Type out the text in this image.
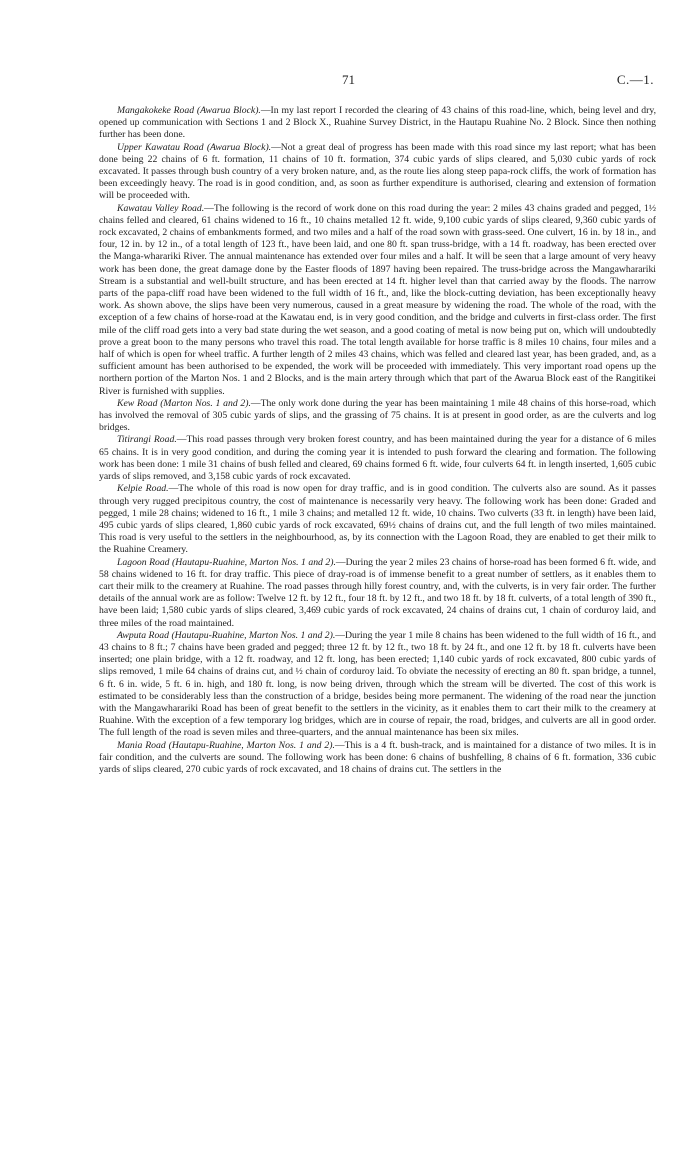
71	C.—1.

Mangakokeke Road (Awarua Block).—In my last report I recorded the clearing of 43 chains of this road-line, which, being level and dry, opened up communication with Sections 1 and 2 Block X., Ruahine Survey District, in the Hautapu Ruahine No. 2 Block. Since then nothing further has been done.

Upper Kawatau Road (Awarua Block).—Not a great deal of progress has been made with this road since my last report; what has been done being 22 chains of 6 ft. formation, 11 chains of 10 ft. formation, 374 cubic yards of slips cleared, and 5,030 cubic yards of rock excavated. It passes through bush country of a very broken nature, and, as the route lies along steep papa-rock cliffs, the work of formation has been exceedingly heavy. The road is in good condition, and, as soon as further expenditure is authorised, clearing and extension of formation will be proceeded with.

Kawatau Valley Road.—The following is the record of work done on this road during the year: 2 miles 43 chains graded and pegged, 1½ chains felled and cleared, 61 chains widened to 16 ft., 10 chains metalled 12 ft. wide, 9,100 cubic yards of slips cleared, 9,360 cubic yards of rock excavated, 2 chains of embankments formed, and two miles and a half of the road sown with grass-seed. One culvert, 16 in. by 18 in., and four, 12 in. by 12 in., of a total length of 123 ft., have been laid, and one 80 ft. span truss-bridge, with a 14 ft. roadway, has been erected over the Manga-wharariki River. The annual maintenance has extended over four miles and a half. It will be seen that a large amount of very heavy work has been done, the great damage done by the Easter floods of 1897 having been repaired. The truss-bridge across the Mangawharariki Stream is a substantial and well-built structure, and has been erected at 14 ft. higher level than that carried away by the floods. The narrow parts of the papa-cliff road have been widened to the full width of 16 ft., and, like the block-cutting deviation, has been exceptionally heavy work. As shown above, the slips have been very numerous, caused in a great measure by widening the road. The whole of the road, with the exception of a few chains of horse-road at the Kawatau end, is in very good condition, and the bridge and culverts in first-class order. The first mile of the cliff road gets into a very bad state during the wet season, and a good coating of metal is now being put on, which will undoubtedly prove a great boon to the many persons who travel this road. The total length available for horse traffic is 8 miles 10 chains, four miles and a half of which is open for wheel traffic. A further length of 2 miles 43 chains, which was felled and cleared last year, has been graded, and, as a sufficient amount has been authorised to be expended, the work will be proceeded with immediately. This very important road opens up the northern portion of the Marton Nos. 1 and 2 Blocks, and is the main artery through which that part of the Awarua Block east of the Rangitikei River is furnished with supplies.

Kew Road (Marton Nos. 1 and 2).—The only work done during the year has been maintaining 1 mile 48 chains of this horse-road, which has involved the removal of 305 cubic yards of slips, and the grassing of 75 chains. It is at present in good order, as are the culverts and log bridges.

Titirangi Road.—This road passes through very broken forest country, and has been maintained during the year for a distance of 6 miles 65 chains. It is in very good condition, and during the coming year it is intended to push forward the clearing and formation. The following work has been done: 1 mile 31 chains of bush felled and cleared, 69 chains formed 6 ft. wide, four culverts 64 ft. in length inserted, 1,605 cubic yards of slips removed, and 3,158 cubic yards of rock excavated.

Kelpie Road.—The whole of this road is now open for dray traffic, and is in good condition. The culverts also are sound. As it passes through very rugged precipitous country, the cost of maintenance is necessarily very heavy. The following work has been done: Graded and pegged, 1 mile 28 chains; widened to 16 ft., 1 mile 3 chains; and metalled 12 ft. wide, 10 chains. Two culverts (33 ft. in length) have been laid, 495 cubic yards of slips cleared, 1,860 cubic yards of rock excavated, 69½ chains of drains cut, and the full length of two miles maintained. This road is very useful to the settlers in the neighbourhood, as, by its connection with the Lagoon Road, they are enabled to get their milk to the Ruahine Creamery.

Lagoon Road (Hautapu-Ruahine, Marton Nos. 1 and 2).—During the year 2 miles 23 chains of horse-road has been formed 6 ft. wide, and 58 chains widened to 16 ft. for dray traffic. This piece of dray-road is of immense benefit to a great number of settlers, as it enables them to cart their milk to the creamery at Ruahine. The road passes through hilly forest country, and, with the culverts, is in very fair order. The further details of the annual work are as follow: Twelve 12 ft. by 12 ft., four 18 ft. by 12 ft., and two 18 ft. by 18 ft. culverts, of a total length of 390 ft., have been laid; 1,580 cubic yards of slips cleared, 3,469 cubic yards of rock excavated, 24 chains of drains cut, 1 chain of corduroy laid, and three miles of the road maintained.

Awputa Road (Hautapu-Ruahine, Marton Nos. 1 and 2).—During the year 1 mile 8 chains has been widened to the full width of 16 ft., and 43 chains to 8 ft.; 7 chains have been graded and pegged; three 12 ft. by 12 ft., two 18 ft. by 24 ft., and one 12 ft. by 18 ft. culverts have been inserted; one plain bridge, with a 12 ft. roadway, and 12 ft. long, has been erected; 1,140 cubic yards of rock excavated, 800 cubic yards of slips removed, 1 mile 64 chains of drains cut, and ½ chain of corduroy laid. To obviate the necessity of erecting an 80 ft. span bridge, a tunnel, 6 ft. 6 in. wide, 5 ft. 6 in. high, and 180 ft. long, is now being driven, through which the stream will be diverted. The cost of this work is estimated to be considerably less than the construction of a bridge, besides being more permanent. The widening of the road near the junction with the Mangawharariki Road has been of great benefit to the settlers in the vicinity, as it enables them to cart their milk to the creamery at Ruahine. With the exception of a few temporary log bridges, which are in course of repair, the road, bridges, and culverts are all in good order. The full length of the road is seven miles and three-quarters, and the annual maintenance has been six miles.

Mania Road (Hautapu-Ruahine, Marton Nos. 1 and 2).—This is a 4 ft. bush-track, and is maintained for a distance of two miles. It is in fair condition, and the culverts are sound. The following work has been done: 6 chains of bushfelling, 8 chains of 6 ft. formation, 336 cubic yards of slips cleared, 270 cubic yards of rock excavated, and 18 chains of drains cut. The settlers in the
